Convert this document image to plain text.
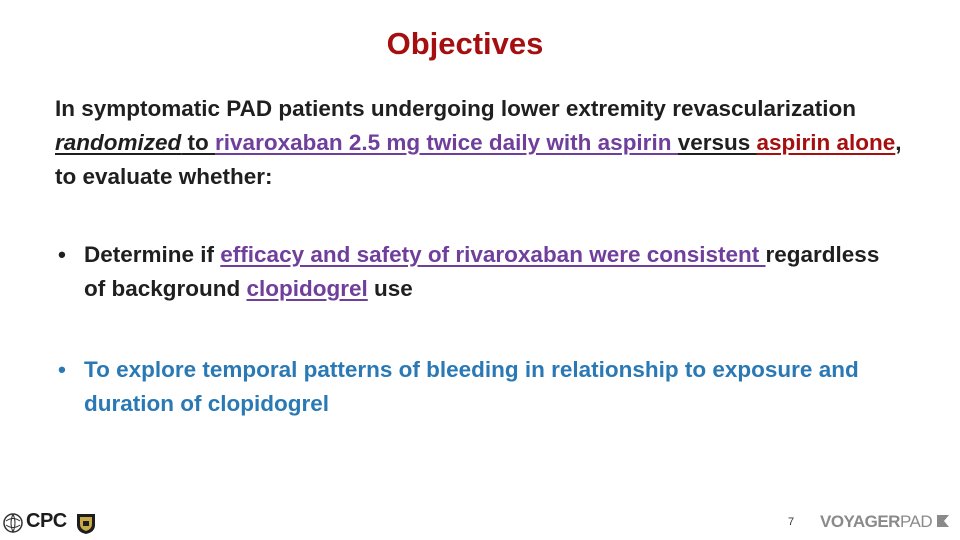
Objectives
In symptomatic PAD patients undergoing lower extremity revascularization randomized to rivaroxaban 2.5 mg twice daily with aspirin versus aspirin alone, to evaluate whether:
• Determine if efficacy and safety of rivaroxaban were consistent regardless of background clopidogrel use
• To explore temporal patterns of bleeding in relationship to exposure and duration of clopidogrel
CPC	7 VOYAGERPAD
